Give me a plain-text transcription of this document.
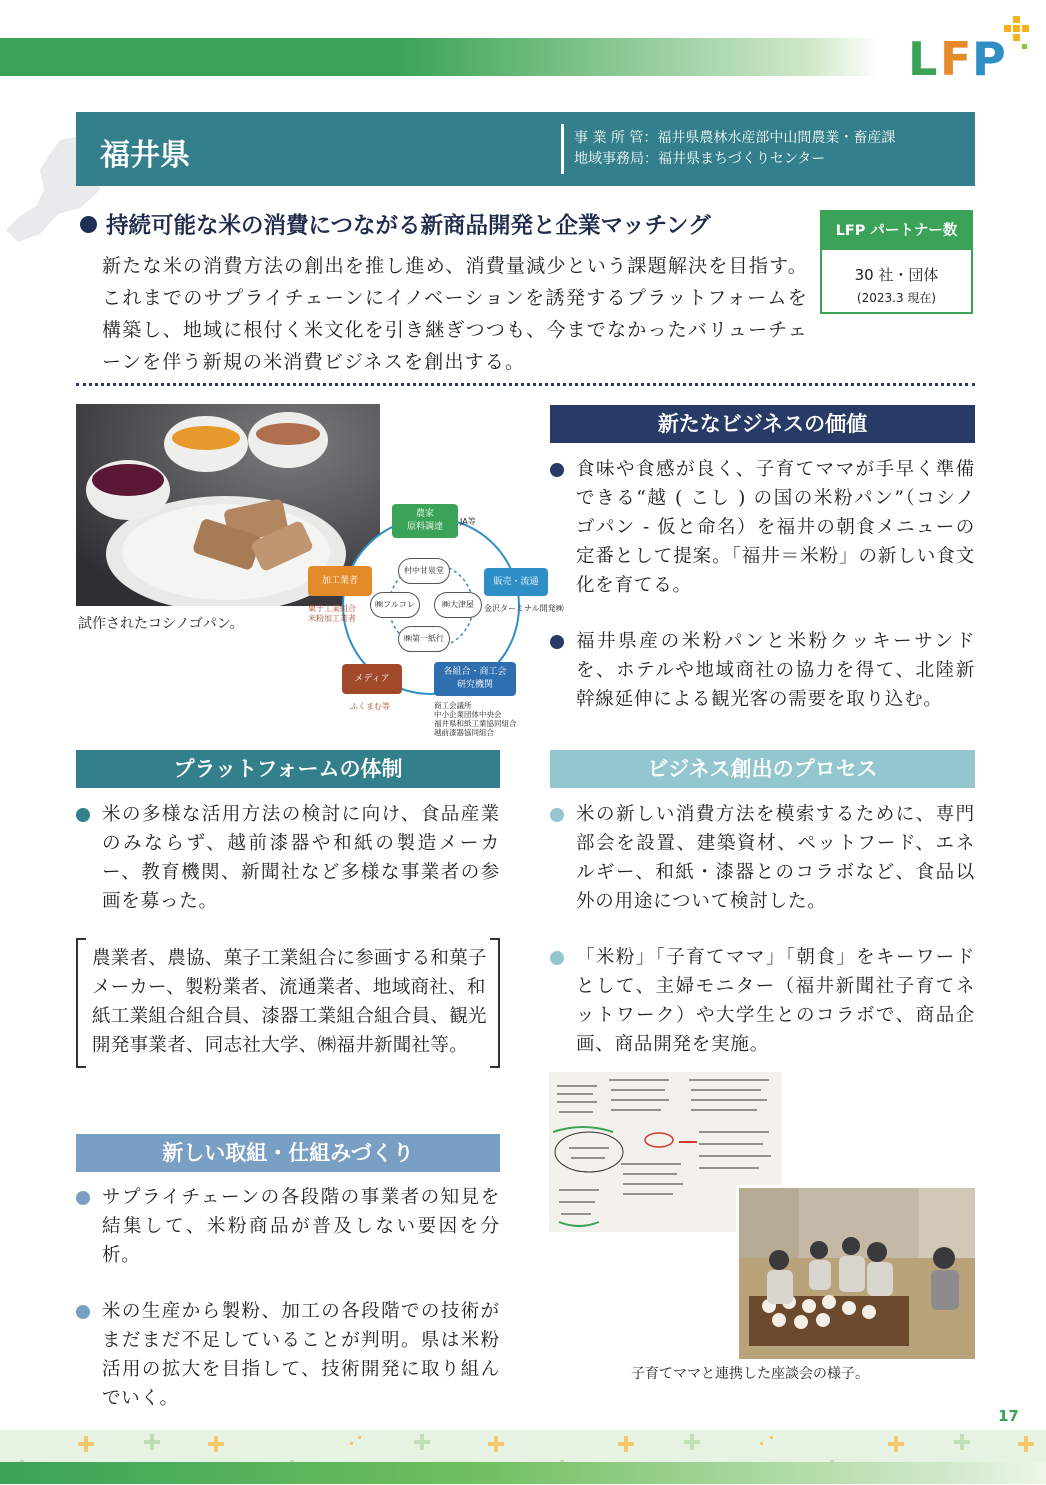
L F P
福井県	事 業 所 管：福井県農林水産部中山間農業・畜産課
地域事務局：福井県まちづくりセンター
持続可能な米の消費につながる新商品開発と企業マッチング	LFP パートナー数
30 社・団体
(2023.3 現在)
新たな米の消費方法の創出を推し進め、消費量減少という課題解決を目指す。これまでのサプライチェーンにイノベーションを誘発するプラットフォームを構築し、地域に根付く米文化を引き継ぎつつも、今までなかったバリューチェーンを伴う新規の米消費ビジネスを創出する。
試作されたコシノゴパン。
農家
原料調達
JA等
販売・流通
金沢ターミナル開発㈱
加工業者
菓子工業組合
米粉加工業者
メディア
ふくまむ等
各組合・商工会
研究機関
商工会議所
中小企業団体中央会
福井県和紙工業協同組合
越前漆器協同組合
村中甘泉堂
㈱フルコレ	㈱大津屋
㈱第一紙行
新たなビジネスの価値
食味や食感が良く、子育てママが手早く準備できる“越 ( こし ) の国の米粉パン”（コシノゴパン - 仮と命名）を福井の朝食メニューの定番として提案。「福井＝米粉」の新しい食文化を育てる。
福井県産の米粉パンと米粉クッキーサンドを、ホテルや地域商社の協力を得て、北陸新幹線延伸による観光客の需要を取り込む。
プラットフォームの体制
米の多様な活用方法の検討に向け、食品産業のみならず、越前漆器や和紙の製造メーカー、教育機関、新聞社など多様な事業者の参画を募った。
農業者、農協、菓子工業組合に参画する和菓子メーカー、製粉業者、流通業者、地域商社、和紙工業組合組合員、漆器工業組合組合員、観光開発事業者、同志社大学、㈱福井新聞社等。
ビジネス創出のプロセス
米の新しい消費方法を模索するために、専門部会を設置、建築資材、ペットフード、エネルギー、和紙・漆器とのコラボなど、食品以外の用途について検討した。
「米粉」「子育てママ」「朝食」をキーワードとして、主婦モニター（福井新聞社子育てネットワーク）や大学生とのコラボで、商品企画、商品開発を実施。
新しい取組・仕組みづくり
サプライチェーンの各段階の事業者の知見を結集して、米粉商品が普及しない要因を分析。
米の生産から製粉、加工の各段階での技術がまだまだ不足していることが判明。県は米粉活用の拡大を目指して、技術開発に取り組んでいく。
子育てママと連携した座談会の様子。
17
